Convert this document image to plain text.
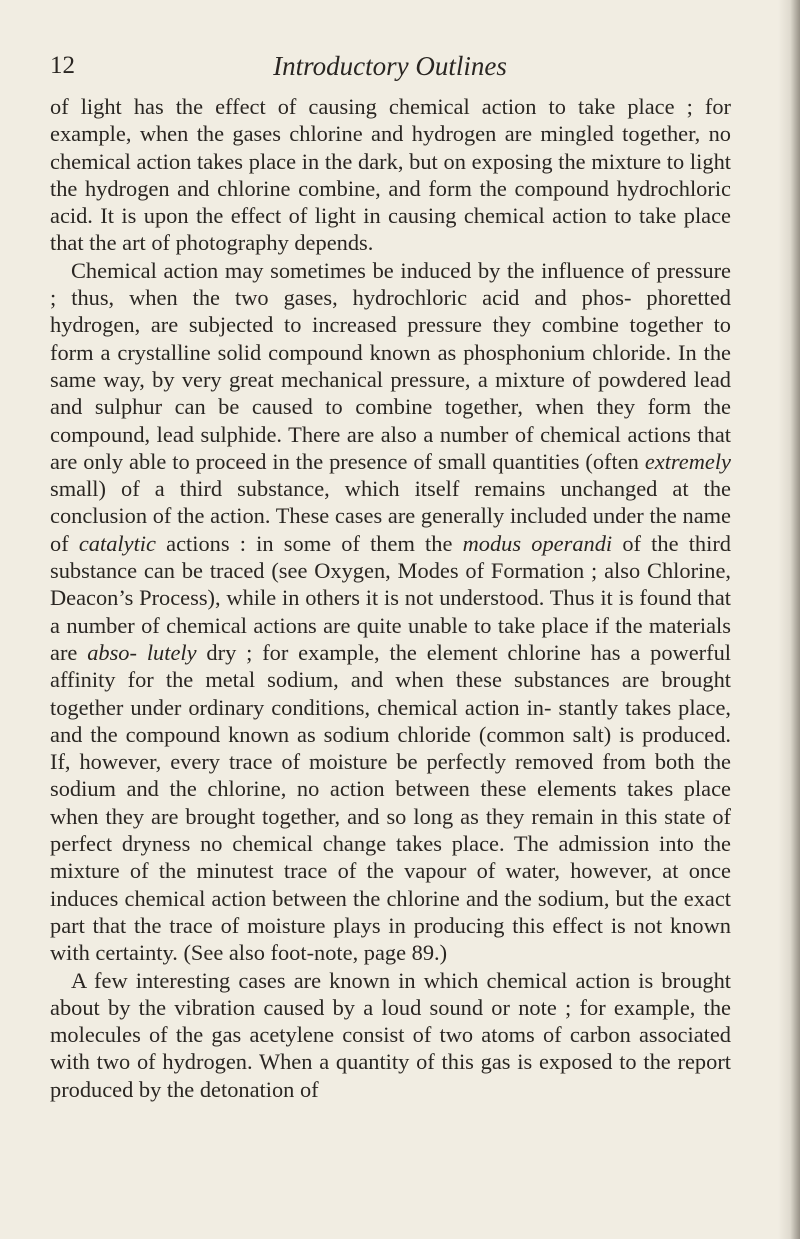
12	Introductory Outlines

of light has the effect of causing chemical action to take place ; for example, when the gases chlorine and hydrogen are mingled together, no chemical action takes place in the dark, but on exposing the mixture to light the hydrogen and chlorine combine, and form the compound hydrochloric acid. It is upon the effect of light in causing chemical action to take place that the art of photography depends.

Chemical action may sometimes be induced by the influence of pressure ; thus, when the two gases, hydrochloric acid and phos- phoretted hydrogen, are subjected to increased pressure they combine together to form a crystalline solid compound known as phosphonium chloride. In the same way, by very great mechanical pressure, a mixture of powdered lead and sulphur can be caused to combine together, when they form the compound, lead sulphide. There are also a number of chemical actions that are only able to proceed in the presence of small quantities (often extremely small) of a third substance, which itself remains unchanged at the conclusion of the action. These cases are generally included under the name of catalytic actions : in some of them the modus operandi of the third substance can be traced (see Oxygen, Modes of Formation ; also Chlorine, Deacon’s Process), while in others it is not understood. Thus it is found that a number of chemical actions are quite unable to take place if the materials are abso- lutely dry ; for example, the element chlorine has a powerful affinity for the metal sodium, and when these substances are brought together under ordinary conditions, chemical action in- stantly takes place, and the compound known as sodium chloride (common salt) is produced. If, however, every trace of moisture be perfectly removed from both the sodium and the chlorine, no action between these elements takes place when they are brought together, and so long as they remain in this state of perfect dryness no chemical change takes place. The admission into the mixture of the minutest trace of the vapour of water, however, at once induces chemical action between the chlorine and the sodium, but the exact part that the trace of moisture plays in producing this effect is not known with certainty. (See also foot-note, page 89.)

A few interesting cases are known in which chemical action is brought about by the vibration caused by a loud sound or note ; for example, the molecules of the gas acetylene consist of two atoms of carbon associated with two of hydrogen. When a quantity of this gas is exposed to the report produced by the detonation of
